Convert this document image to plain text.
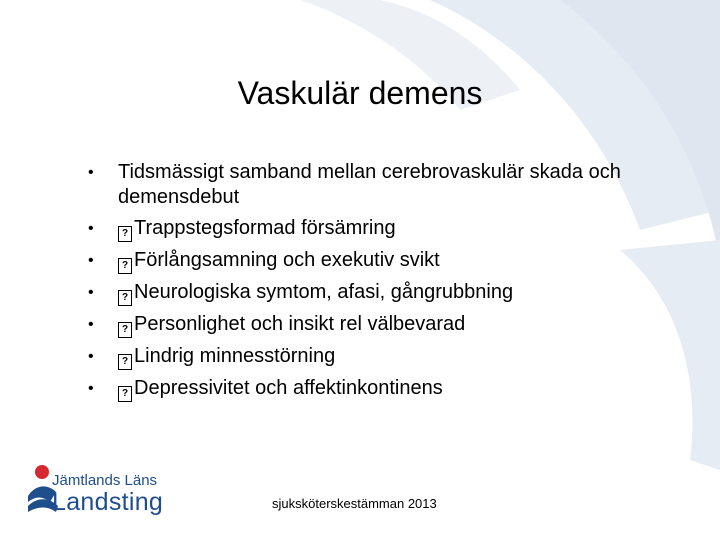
Vaskulär demens
• Tidsmässigt samband mellan cerebrovaskulär skada och demensdebut
•	? Trappstegsformad försämring
•	? Förlångsamning och exekutiv svikt
•	? Neurologiska symtom, afasi, gångrubbning
•	? Personlighet och insikt rel välbevarad
•	? Lindrig minnesstörning
•	? Depressivitet och affektinkontinens
Jämtlands Läns
Landsting	sjuksköterskestämman 2013
